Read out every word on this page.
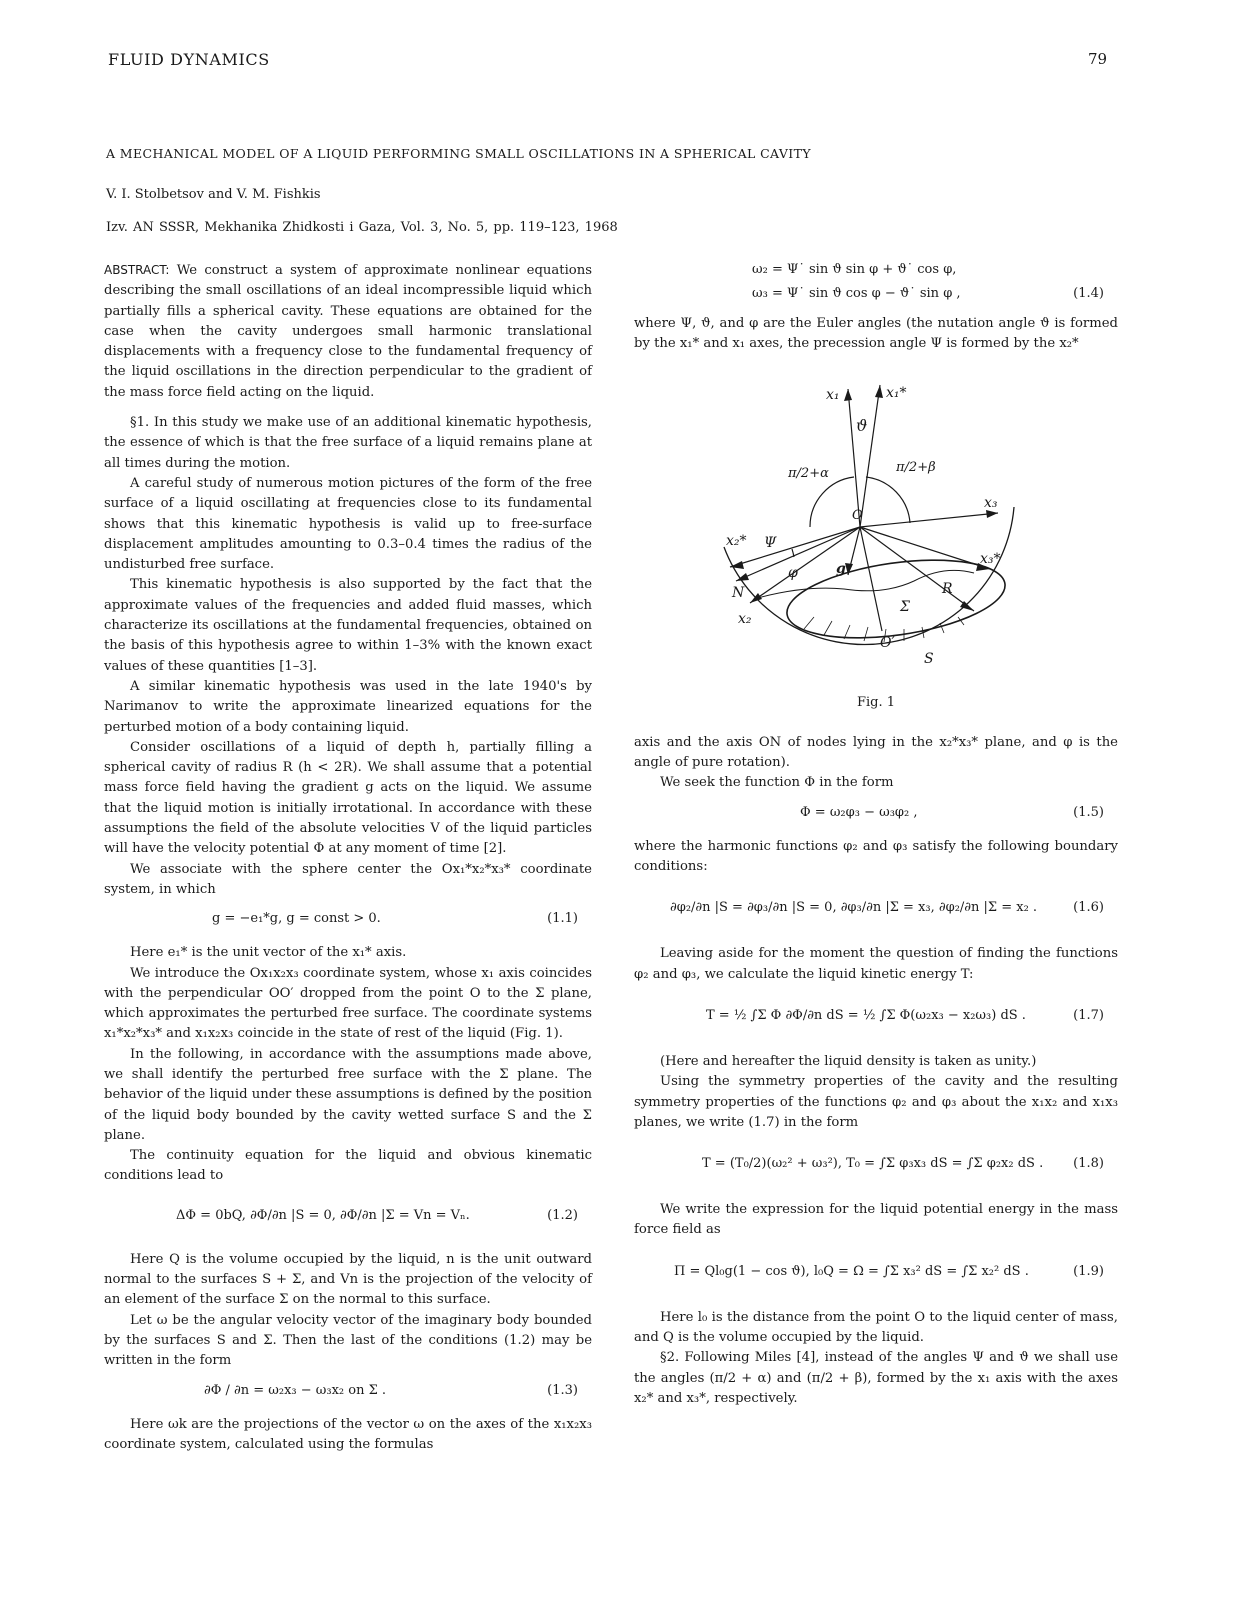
FLUID DYNAMICS	79
A MECHANICAL MODEL OF A LIQUID PERFORMING SMALL OSCILLATIONS IN A SPHERICAL CAVITY
V. I. Stolbetsov and V. M. Fishkis
Izv. AN SSSR, Mekhanika Zhidkosti i Gaza, Vol. 3, No. 5, pp. 119–123, 1968

ABSTRACT: We construct a system of approximate nonlinear equations describing the small oscillations of an ideal incompressible liquid which partially fills a spherical cavity. These equations are obtained for the case when the cavity undergoes small harmonic translational displacements with a frequency close to the fundamental frequency of the liquid oscillations in the direction perpendicular to the gradient of the mass force field acting on the liquid.

§1. In this study we make use of an additional kinematic hypothesis, the essence of which is that the free surface of a liquid remains plane at all times during the motion.

A careful study of numerous motion pictures of the form of the free surface of a liquid oscillating at frequencies close to its fundamental shows that this kinematic hypothesis is valid up to free-surface displacement amplitudes amounting to 0.3–0.4 times the radius of the undisturbed free surface.

This kinematic hypothesis is also supported by the fact that the approximate values of the frequencies and added fluid masses, which characterize its oscillations at the fundamental frequencies, obtained on the basis of this hypothesis agree to within 1–3% with the known exact values of these quantities [1–3].

A similar kinematic hypothesis was used in the late 1940's by Narimanov to write the approximate linearized equations for the perturbed motion of a body containing liquid.

Consider oscillations of a liquid of depth h, partially filling a spherical cavity of radius R (h < 2R). We shall assume that a potential mass force field having the gradient g acts on the liquid. We assume that the liquid motion is initially irrotational. In accordance with these assumptions the field of the absolute velocities V of the liquid particles will have the velocity potential Φ at any moment of time [2].

We associate with the sphere center the Ox₁*x₂*x₃* coordinate system, in which

g = −e₁*g, g = const > 0.	(1.1)

Here e₁* is the unit vector of the x₁* axis.

We introduce the Ox₁x₂x₃ coordinate system, whose x₁ axis coincides with the perpendicular OO′ dropped from the point O to the Σ plane, which approximates the perturbed free surface. The coordinate systems x₁*x₂*x₃* and x₁x₂x₃ coincide in the state of rest of the liquid (Fig. 1).

In the following, in accordance with the assumptions made above, we shall identify the perturbed free surface with the Σ plane. The behavior of the liquid under these assumptions is defined by the position of the liquid body bounded by the cavity wetted surface S and the Σ plane.

The continuity equation for the liquid and obvious kinematic conditions lead to

ΔΦ = 0bQ, ∂Φ/∂n |S = 0, ∂Φ/∂n |Σ = Vn = Vₙ.	(1.2)

Here Q is the volume occupied by the liquid, n is the unit outward normal to the surfaces S + Σ, and Vn is the projection of the velocity of an element of the surface Σ on the normal to this surface.

Let ω be the angular velocity vector of the imaginary body bounded by the surfaces S and Σ. Then the last of the conditions (1.2) may be written in the form

∂Φ / ∂n = ω₂x₃ − ω₃x₂ on Σ .	(1.3)

Here ωk are the projections of the vector ω on the axes of the x₁x₂x₃ coordinate system, calculated using the formulas

ω₂ = Ψ˙ sin ϑ sin φ + ϑ˙ cos φ,
ω₃ = Ψ˙ sin ϑ cos φ − ϑ˙ sin φ ,	(1.4)

where Ψ, ϑ, and φ are the Euler angles (the nutation angle ϑ is formed by the x₁* and x₁ axes, the precession angle Ψ is formed by the x₂*

x₁	x₁*
ϑ
π/2+α	π/2+β
O
x₃
x₂* Ψ
φ	g
x₃*
N	R
x₂
Σ
O′
S
Fig. 1

axis and the axis ON of nodes lying in the x₂*x₃* plane, and φ is the angle of pure rotation).

We seek the function Φ in the form

Φ = ω₂φ₃ − ω₃φ₂ ,	(1.5)

where the harmonic functions φ₂ and φ₃ satisfy the following boundary conditions:

∂φ₂/∂n |S = ∂φ₃/∂n |S = 0, ∂φ₃/∂n |Σ = x₃, ∂φ₂/∂n |Σ = x₂ .	(1.6)

Leaving aside for the moment the question of finding the functions φ₂ and φ₃, we calculate the liquid kinetic energy T:

T = ½ ∫Σ Φ ∂Φ/∂n dS = ½ ∫Σ Φ(ω₂x₃ − x₂ω₃) dS .	(1.7)

(Here and hereafter the liquid density is taken as unity.)

Using the symmetry properties of the cavity and the resulting symmetry properties of the functions φ₂ and φ₃ about the x₁x₂ and x₁x₃ planes, we write (1.7) in the form

T = (T₀/2)(ω₂² + ω₃²), T₀ = ∫Σ φ₃x₃ dS = ∫Σ φ₂x₂ dS . (1.8)

We write the expression for the liquid potential energy in the mass force field as

Π = Ql₀g(1 − cos ϑ), l₀Q = Ω = ∫Σ x₃² dS = ∫Σ x₂² dS .	(1.9)

Here l₀ is the distance from the point O to the liquid center of mass, and Q is the volume occupied by the liquid.

§2. Following Miles [4], instead of the angles Ψ and ϑ we shall use the angles (π/2 + α) and (π/2 + β), formed by the x₁ axis with the axes x₂* and x₃*, respectively.
